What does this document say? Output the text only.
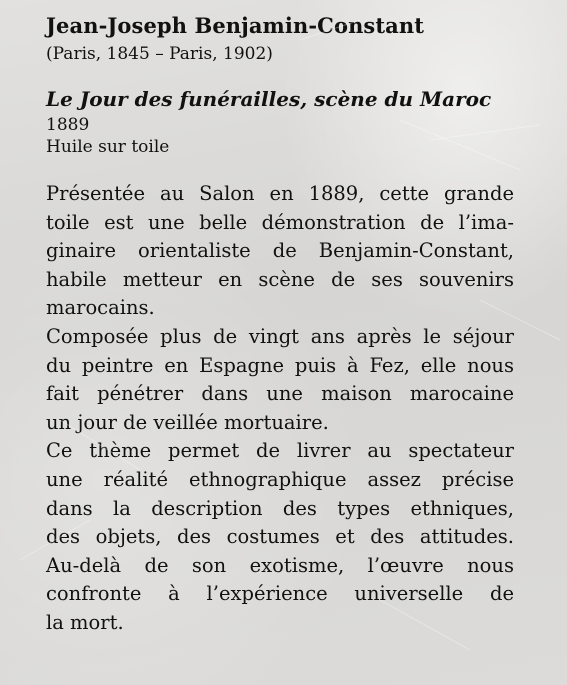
Jean-Joseph Benjamin-Constant

(Paris, 1845 – Paris, 1902)

Le Jour des funérailles, scène du Maroc

1889

Huile sur toile

Présentée au Salon en 1889, cette grande
toile est une belle démonstration de l’ima-
ginaire orientaliste de Benjamin-Constant,
habile metteur en scène de ses souvenirs
marocains.
Composée plus de vingt ans après le séjour
du peintre en Espagne puis à Fez, elle nous
fait pénétrer dans une maison marocaine
un jour de veillée mortuaire.
Ce thème permet de livrer au spectateur
une réalité ethnographique assez précise
dans la description des types ethniques,
des objets, des costumes et des attitudes.
Au-delà de son exotisme, l’œuvre nous
confronte à l’expérience universelle de
la mort.
